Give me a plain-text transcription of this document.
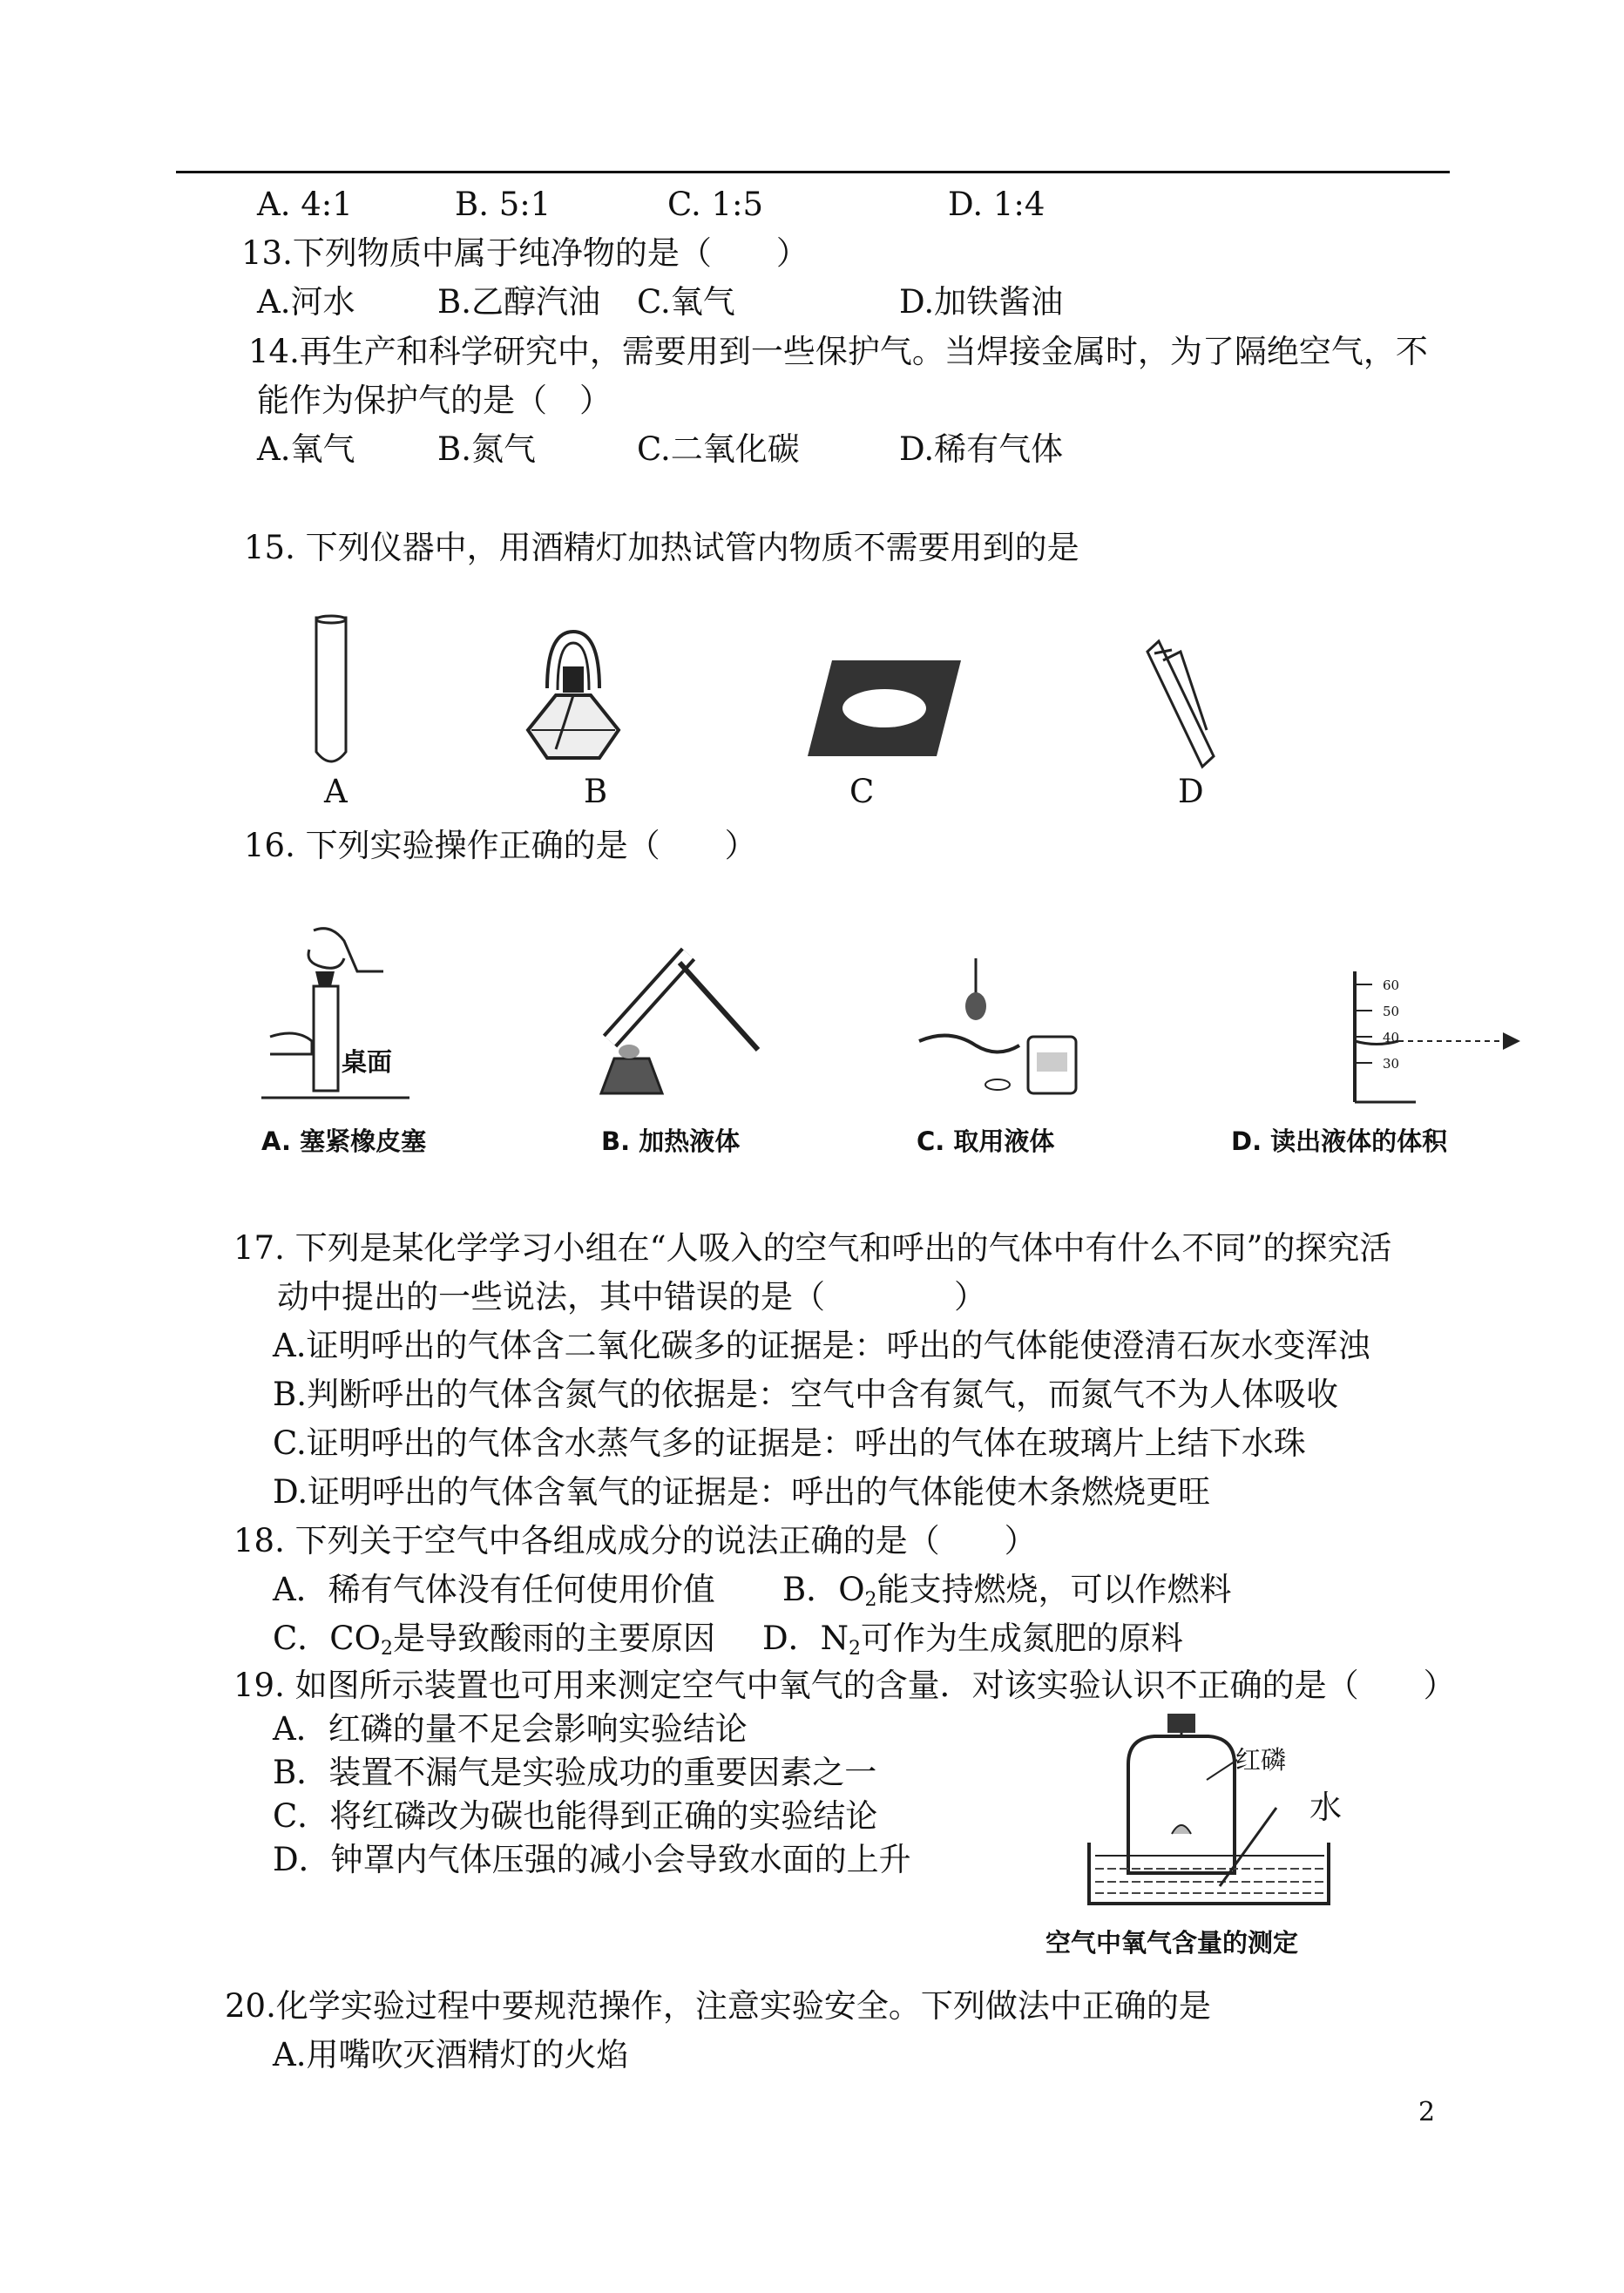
A. 4:1	B. 5:1	C. 1:5	D. 1:4
13.下列物质中属于纯净物的是（　　）
A.河水	B.乙醇汽油 C.氧气	D.加铁酱油
14.再生产和科学研究中，需要用到一些保护气。当焊接金属时，为了隔绝空气，不
能作为保护气的是（　）
A.氧气	B.氮气	C.二氧化碳	D.稀有气体
15. 下列仪器中，用酒精灯加热试管内物质不需要用到的是
A	B	C	D
16. 下列实验操作正确的是（　　）
桌面
60
50
40
30
A. 塞紧橡皮塞	B. 加热液体	C. 取用液体	D. 读出液体的体积
17. 下列是某化学学习小组在“人吸入的空气和呼出的气体中有什么不同”的探究活
动中提出的一些说法，其中错误的是（　　　　）
A.证明呼出的气体含二氧化碳多的证据是：呼出的气体能使澄清石灰水变浑浊
B.判断呼出的气体含氮气的依据是：空气中含有氮气，而氮气不为人体吸收
C.证明呼出的气体含水蒸气多的证据是：呼出的气体在玻璃片上结下水珠
D.证明呼出的气体含氧气的证据是：呼出的气体能使木条燃烧更旺
18. 下列关于空气中各组成成分的说法正确的是（　　）
A．稀有气体没有任何使用价值 B．$O_2$能支持燃烧，可以作燃料
C．$CO_2$是导致酸雨的主要原因 D．$N_2$可作为生成氮肥的原料
19. 如图所示装置也可用来测定空气中氧气的含量．对该实验认识不正确的是（　　）
A．红磷的量不足会影响实验结论
B．装置不漏气是实验成功的重要因素之一
C．将红磷改为碳也能得到正确的实验结论
D．钟罩内气体压强的减小会导致水面的上升
红磷
水
空气中氧气含量的测定
20.化学实验过程中要规范操作，注意实验安全。下列做法中正确的是
A.用嘴吹灭酒精灯的火焰
2
